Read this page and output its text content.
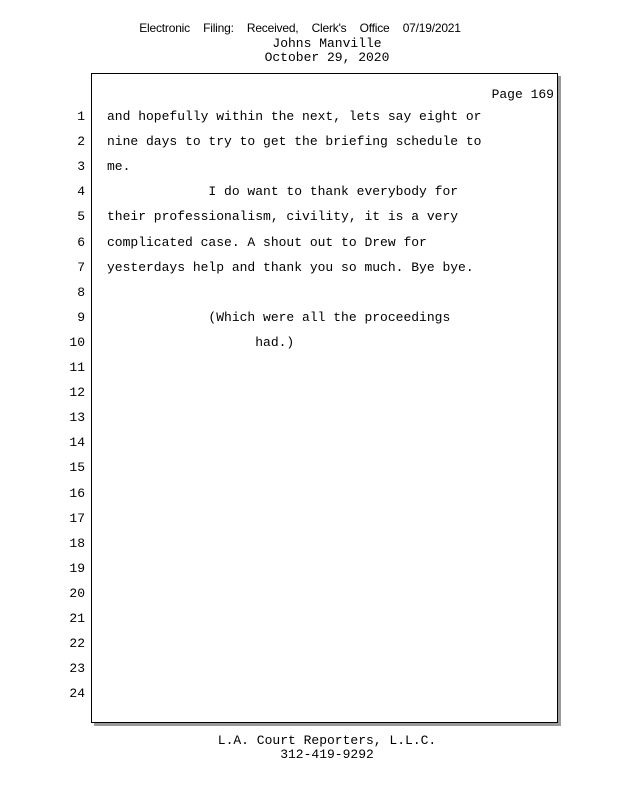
Electronic Filing: Received, Clerk's Office 07/19/2021
Johns Manville
October 29, 2020
Page 169
1
2
3
4
5
6
7
8
9
10
11
12
13
14
15
16
17
18
19
20
21
22
23
24
and hopefully within the next, lets say eight or
nine days to try to get the briefing schedule to
me.
I do want to thank everybody for
their professionalism, civility, it is a very
complicated case. A shout out to Drew for
yesterdays help and thank you so much. Bye bye.
(Which were all the proceedings
had.)
L.A. Court Reporters, L.L.C.
312-419-9292
